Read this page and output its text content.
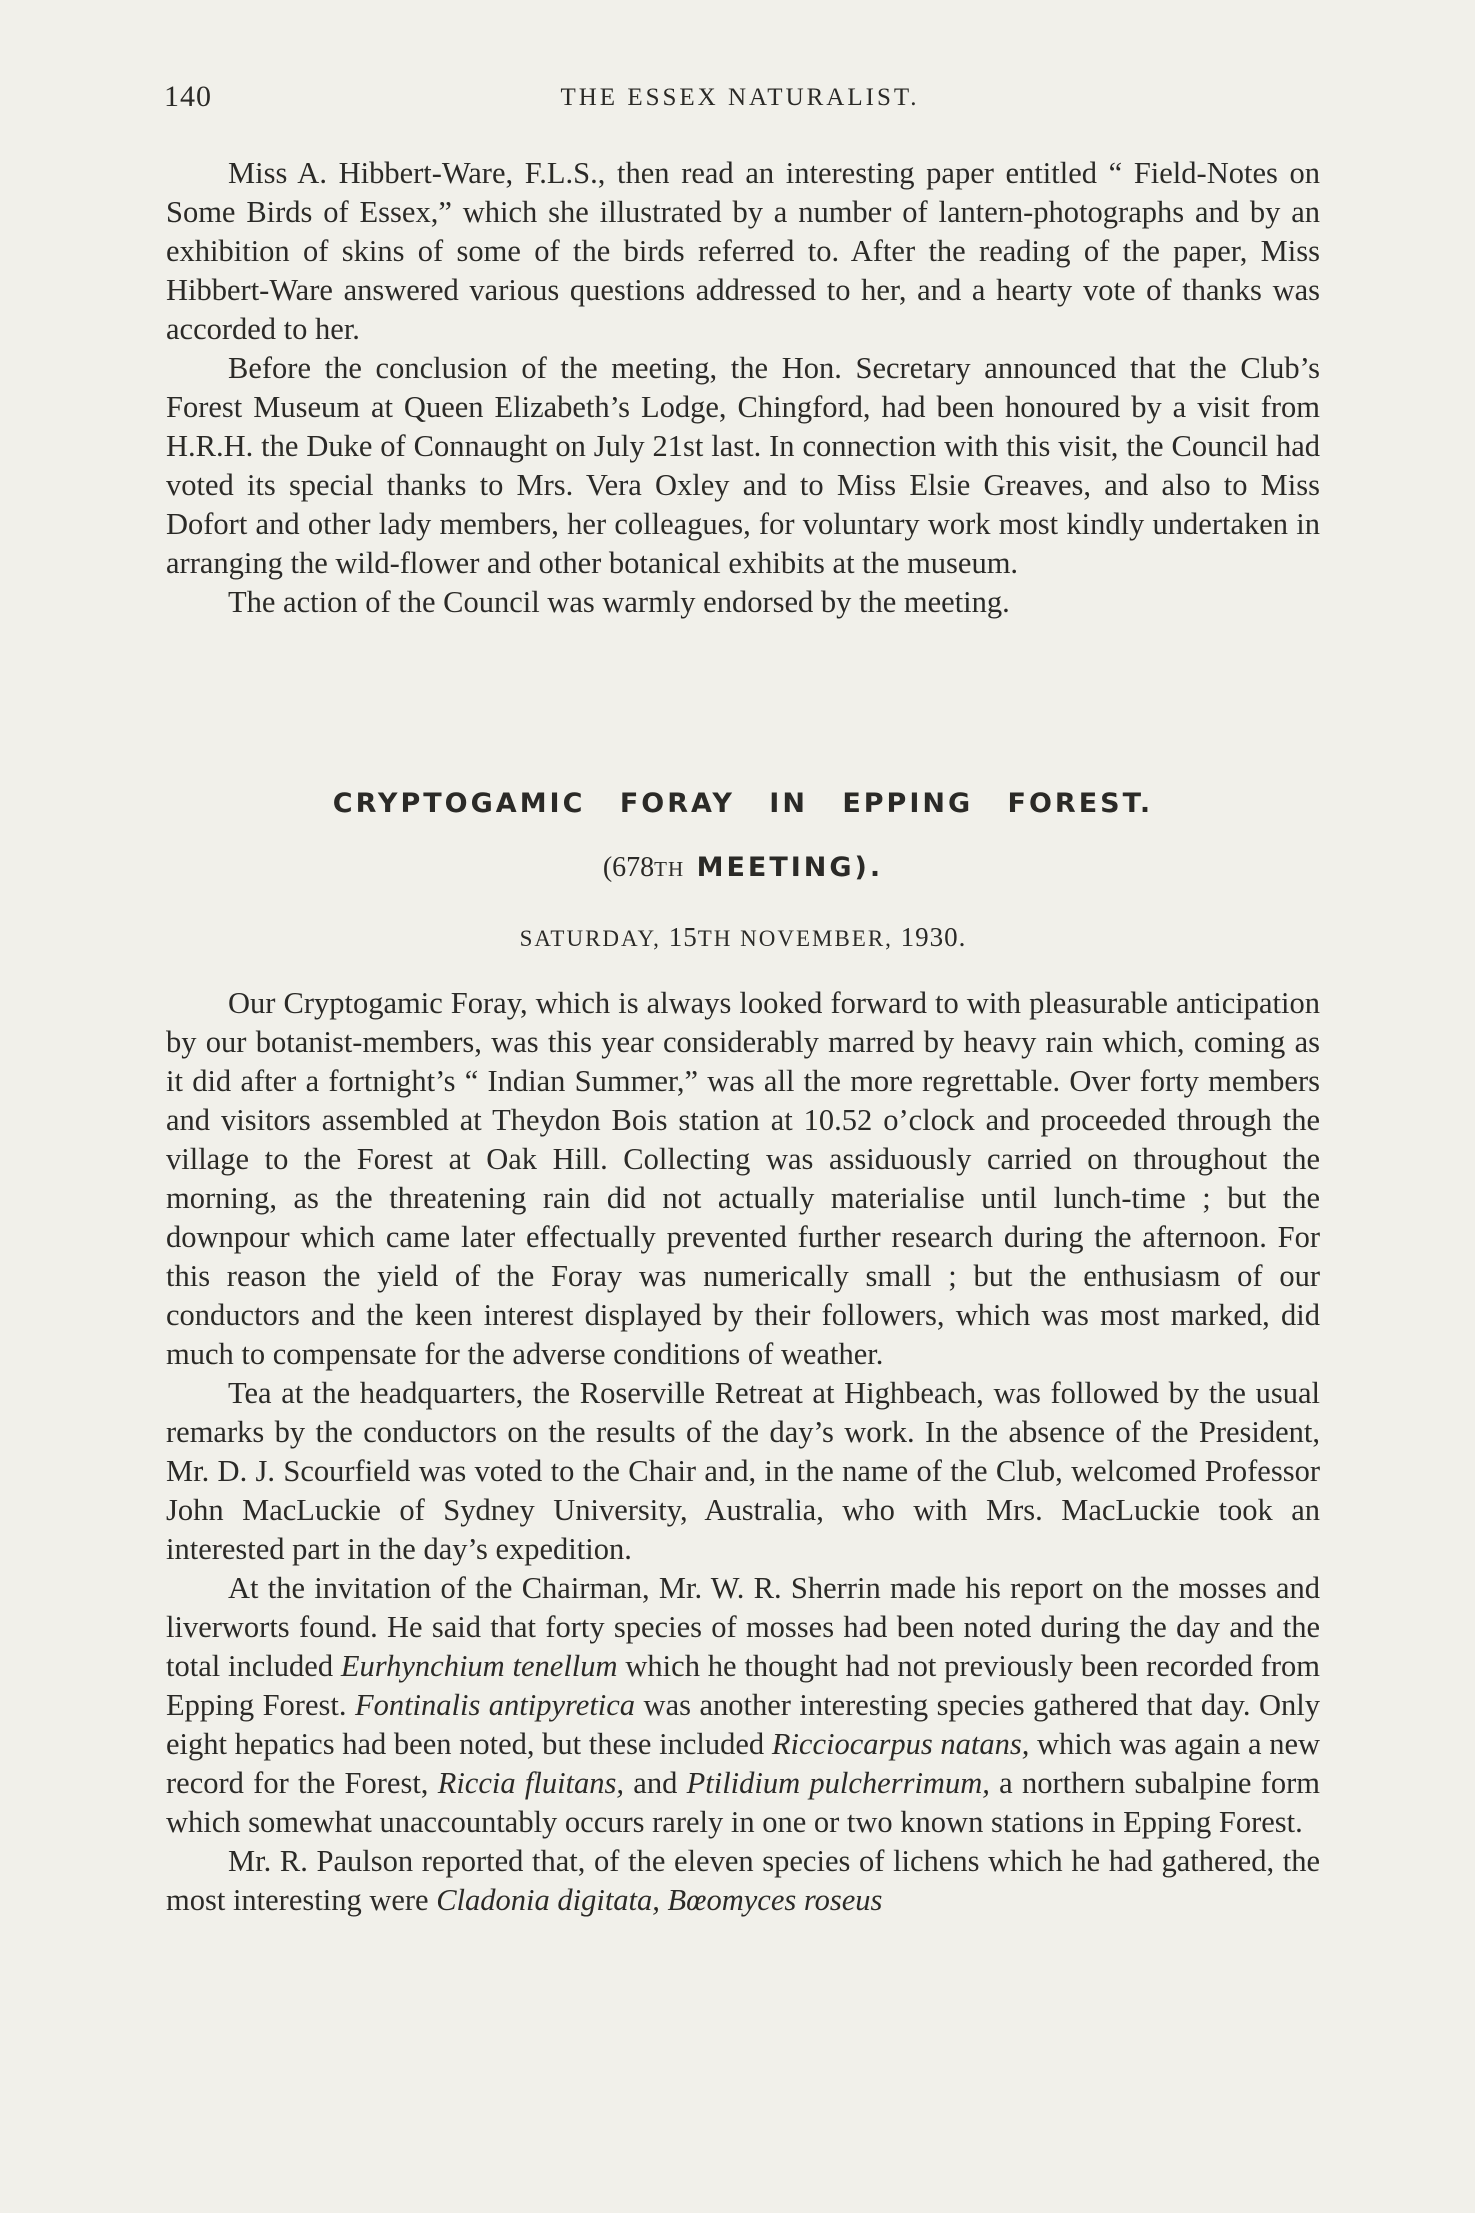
140	THE ESSEX NATURALIST.

Miss A. Hibbert-Ware, F.L.S., then read an interesting paper entitled “ Field-Notes on Some Birds of Essex,” which she illustrated by a number of lantern-photographs and by an exhibition of skins of some of the birds referred to. After the reading of the paper, Miss Hibbert-Ware answered various questions addressed to her, and a hearty vote of thanks was accorded to her.

Before the conclusion of the meeting, the Hon. Secretary announced that the Club’s Forest Museum at Queen Elizabeth’s Lodge, Chingford, had been honoured by a visit from H.R.H. the Duke of Connaught on July 21st last. In connection with this visit, the Council had voted its special thanks to Mrs. Vera Oxley and to Miss Elsie Greaves, and also to Miss Dofort and other lady members, her colleagues, for voluntary work most kindly undertaken in arranging the wild-flower and other botanical exhibits at the museum.

The action of the Council was warmly endorsed by the meeting.

CRYPTOGAMIC FORAY IN EPPING FOREST.
(678TH MEETING).
SATURDAY, 15TH NOVEMBER, 1930.

Our Cryptogamic Foray, which is always looked forward to with pleasurable anticipation by our botanist-members, was this year considerably marred by heavy rain which, coming as it did after a fortnight’s “ Indian Summer,” was all the more regrettable. Over forty members and visitors assembled at Theydon Bois station at 10.52 o’clock and proceeded through the village to the Forest at Oak Hill. Collecting was assiduously carried on throughout the morning, as the threatening rain did not actually materialise until lunch-time ; but the downpour which came later effectually prevented further research during the afternoon. For this reason the yield of the Foray was numerically small ; but the enthusiasm of our conductors and the keen interest displayed by their followers, which was most marked, did much to compensate for the adverse conditions of weather.

Tea at the headquarters, the Roserville Retreat at Highbeach, was followed by the usual remarks by the conductors on the results of the day’s work. In the absence of the President, Mr. D. J. Scourfield was voted to the Chair and, in the name of the Club, welcomed Professor John MacLuckie of Sydney University, Australia, who with Mrs. MacLuckie took an interested part in the day’s expedition.

At the invitation of the Chairman, Mr. W. R. Sherrin made his report on the mosses and liverworts found. He said that forty species of mosses had been noted during the day and the total included Eurhynchium tenellum which he thought had not previously been recorded from Epping Forest. Fontinalis antipyretica was another interesting species gathered that day. Only eight hepatics had been noted, but these included Ricciocarpus natans, which was again a new record for the Forest, Riccia fluitans, and Ptilidium pulcherrimum, a northern subalpine form which somewhat unaccountably occurs rarely in one or two known stations in Epping Forest.

Mr. R. Paulson reported that, of the eleven species of lichens which he had gathered, the most interesting were Cladonia digitata, Bœomyces roseus
